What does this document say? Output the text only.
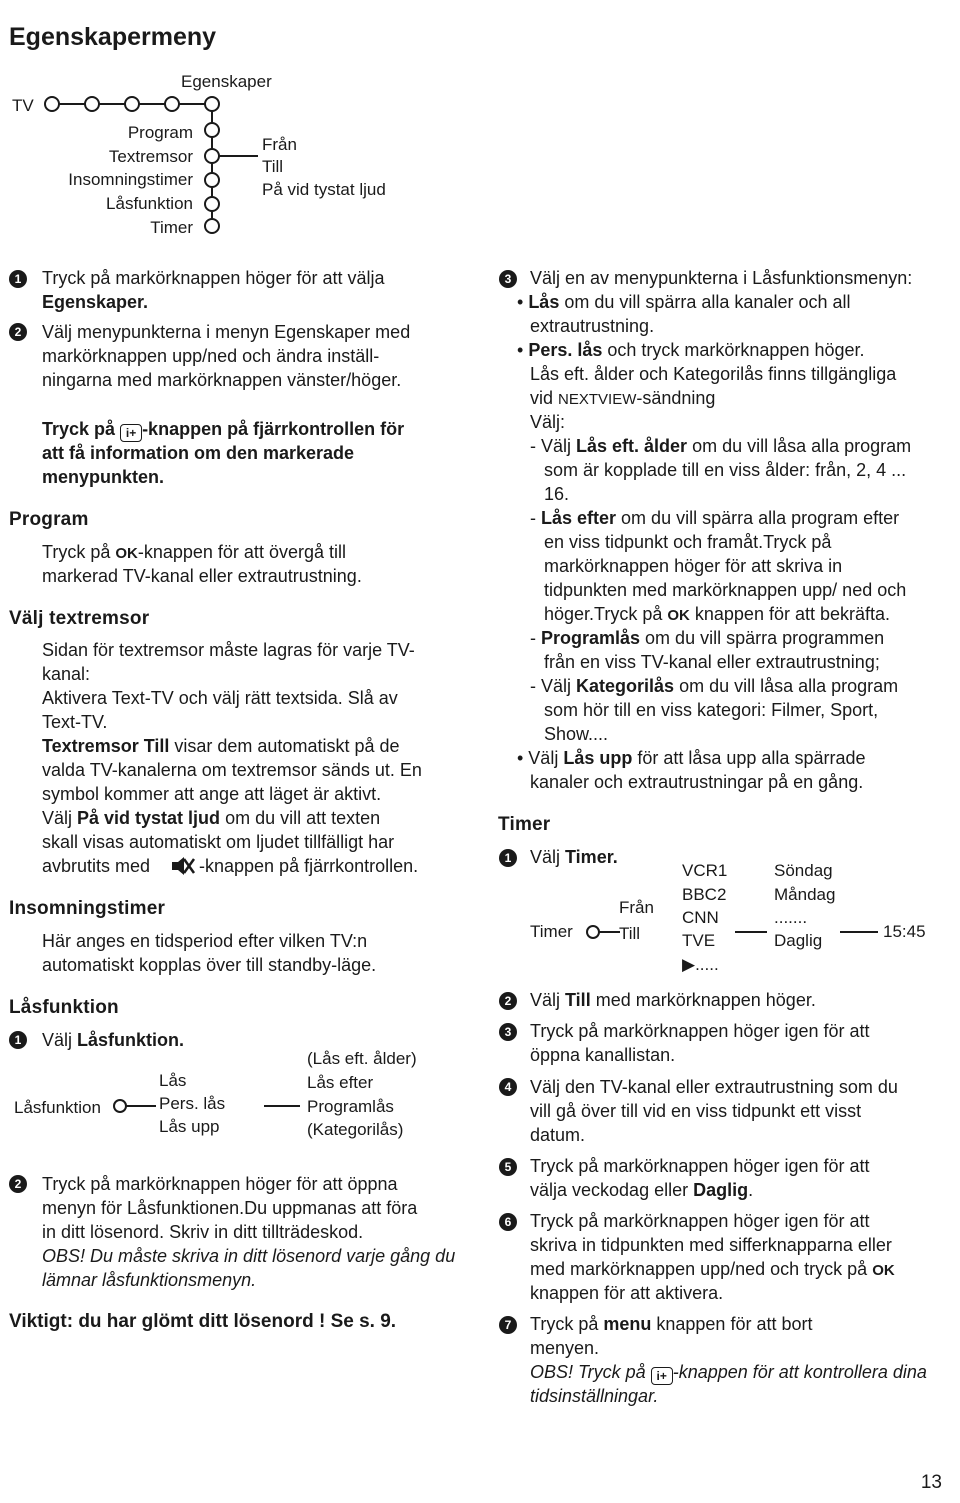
Egenskapermeny
TV
Egenskaper
Program
Textremsor
Insomningstimer
Låsfunktion
Timer
Från
Till
På vid tystat ljud
1	Tryck på markörknappen höger för att välja
Egenskaper.
2	Välj menypunkterna i menyn Egenskaper med
markörknappen upp/ned och ändra inställ-
ningarna med markörknappen vänster/höger.
Tryck på i+ -knappen på fjärrkontrollen för
att få information om den markerade
menypunkten.
Program
Tryck på OK-knappen för att övergå till
markerad TV-kanal eller extrautrustning.
Välj textremsor
Sidan för textremsor måste lagras för varje TV-
kanal:
Aktivera Text-TV och välj rätt textsida. Slå av
Text-TV.
Textremsor Till visar dem automatiskt på de
valda TV-kanalerna om textremsor sänds ut. En
symbol kommer att ange att läget är aktivt.
Välj På vid tystat ljud om du vill att texten
skall visas automatiskt om ljudet tillfälligt har
avbrutits med	-knappen på fjärrkontrollen.
Insomningstimer
Här anges en tidsperiod efter vilken TV:n
automatiskt kopplas över till standby-läge.
Låsfunktion
1	Välj Låsfunktion.
Låsfunktion
Lås
Pers. lås
Lås upp
(Lås eft. ålder)
Lås efter
Programlås
(Kategorilås)
2	Tryck på markörknappen höger för att öppna
menyn för Låsfunktionen.Du uppmanas att föra
in ditt lösenord. Skriv in ditt tillträdeskod.
OBS! Du måste skriva in ditt lösenord varje gång du
lämnar låsfunktionsmenyn.
Viktigt: du har glömt ditt lösenord ! Se s. 9.
3	Välj en av menypunkterna i Låsfunktionsmenyn:
• Lås om du vill spärra alla kanaler och all
extrautrustning.
• Pers. lås och tryck markörknappen höger.
Lås eft. ålder och Kategorilås finns tillgängliga
vid NEXTVIEW-sändning
Välj:
- Välj Lås eft. ålder om du vill låsa alla program
som är kopplade till en viss ålder: från, 2, 4 ...
16.
- Lås efter om du vill spärra alla program efter
en viss tidpunkt och framåt.Tryck på
markörknappen höger för att skriva in
tidpunkten med markörknappen upp/ ned och
höger.Tryck på OK knappen för att bekräfta.
- Programlås om du vill spärra programmen
från en viss TV-kanal eller extrautrustning;
- Välj Kategorilås om du vill låsa alla program
som hör till en viss kategori: Filmer, Sport,
Show....
• Välj Lås upp för att låsa upp alla spärrade
kanaler och extrautrustningar på en gång.
Timer
1	Välj Timer.
Timer
Från
Till
VCR1
BBC2
CNN
TVE
▶.....
Söndag
Måndag
.......
Daglig	15:45
2	Välj Till med markörknappen höger.
3	Tryck på markörknappen höger igen för att
öppna kanallistan.
4	Välj den TV-kanal eller extrautrustning som du
vill gå över till vid en viss tidpunkt ett visst
datum.
5	Tryck på markörknappen höger igen för att
välja veckodag eller Daglig.
6	Tryck på markörknappen höger igen för att
skriva in tidpunkten med sifferknapparna eller
med markörknappen upp/ned och tryck på OK
knappen för att aktivera.
7	Tryck på menu knappen för att bort
menyen.
OBS! Tryck på i+ -knappen för att kontrollera dina
tidsinställningar.
13
